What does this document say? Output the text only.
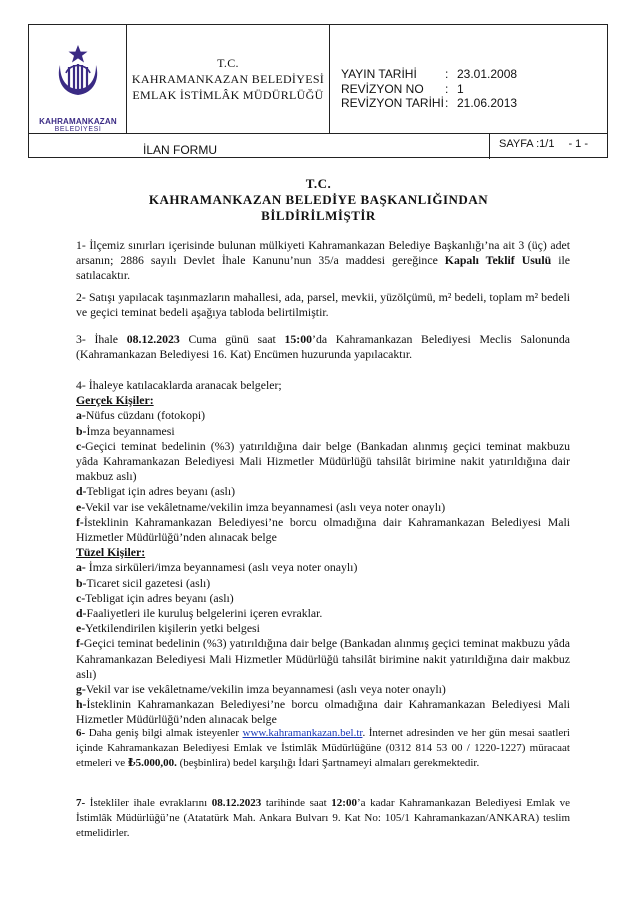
KAHRAMANKAZAN
BELEDİYESİ
T.C.
KAHRAMANKAZAN BELEDİYESİ
EMLAK İSTİMLÂK MÜDÜRLÜĞÜ
YAYIN TARİHİ	: 23.01.2008
REVİZYON NO	: 1
REVİZYON TARİHİ : 21.06.2013
İLAN FORMU	SAYFA :1/1 - 1 -
T.C.
KAHRAMANKAZAN BELEDİYE BAŞKANLIĞINDAN
BİLDİRİLMİŞTİR
1- İlçemiz sınırları içerisinde bulunan mülkiyeti Kahramankazan Belediye Başkanlığı’na ait 3 (üç) adet arsanın; 2886 sayılı Devlet İhale Kanunu’nun 35/a maddesi gereğince Kapalı Teklif Usulü ile satılacaktır.
2- Satışı yapılacak taşınmazların mahallesi, ada, parsel, mevkii, yüzölçümü, m² bedeli, toplam m² bedeli ve geçici teminat bedeli aşağıya tabloda belirtilmiştir.
3- İhale 08.12.2023 Cuma günü saat 15:00’da Kahramankazan Belediyesi Meclis Salonunda (Kahramankazan Belediyesi 16. Kat) Encümen huzurunda yapılacaktır.

4- İhaleye katılacaklarda aranacak belgeler;

Gerçek Kişiler:

a-Nüfus cüzdanı (fotokopi)

b-İmza beyannamesi

c-Geçici teminat bedelinin (%3) yatırıldığına dair belge (Bankadan alınmış geçici teminat makbuzu yâda Kahramankazan Belediyesi Mali Hizmetler Müdürlüğü tahsilât birimine nakit yatırıldığına dair makbuz aslı)

d-Tebligat için adres beyanı (aslı)

e-Vekil var ise vekâletname/vekilin imza beyannamesi (aslı veya noter onaylı)

f-İsteklinin Kahramankazan Belediyesi’ne borcu olmadığına dair Kahramankazan Belediyesi Mali Hizmetler Müdürlüğü’nden alınacak belge

Tüzel Kişiler:

a- İmza sirküleri/imza beyannamesi (aslı veya noter onaylı)

b-Ticaret sicil gazetesi (aslı)

c-Tebligat için adres beyanı (aslı)

d-Faaliyetleri ile kuruluş belgelerini içeren evraklar.

e-Yetkilendirilen kişilerin yetki belgesi

f-Geçici teminat bedelinin (%3) yatırıldığına dair belge (Bankadan alınmış geçici teminat makbuzu yâda Kahramankazan Belediyesi Mali Hizmetler Müdürlüğü tahsilât birimine nakit yatırıldığına dair makbuz aslı)

g-Vekil var ise vekâletname/vekilin imza beyannamesi (aslı veya noter onaylı)

h-İsteklinin Kahramankazan Belediyesi’ne borcu olmadığına dair Kahramankazan Belediyesi Mali Hizmetler Müdürlüğü’nden alınacak belge

6- Daha geniş bilgi almak isteyenler www.kahramankazan.bel.tr. İnternet adresinden ve her gün mesai saatleri içinde Kahramankazan Belediyesi Emlak ve İstimlâk Müdürlüğüne (0312 814 53 00 / 1220-1227) müracaat etmeleri ve ₺5.000,00. (beşbinlira) bedel karşılığı İdari Şartnameyi almaları gerekmektedir.
7- İstekliler ihale evraklarını 08.12.2023 tarihinde saat 12:00’a kadar Kahramankazan Belediyesi Emlak ve İstimlâk Müdürlüğü’ne (Atatatürk Mah. Ankara Bulvarı 9. Kat No: 105/1 Kahramankazan/ANKARA) teslim etmelidirler.
